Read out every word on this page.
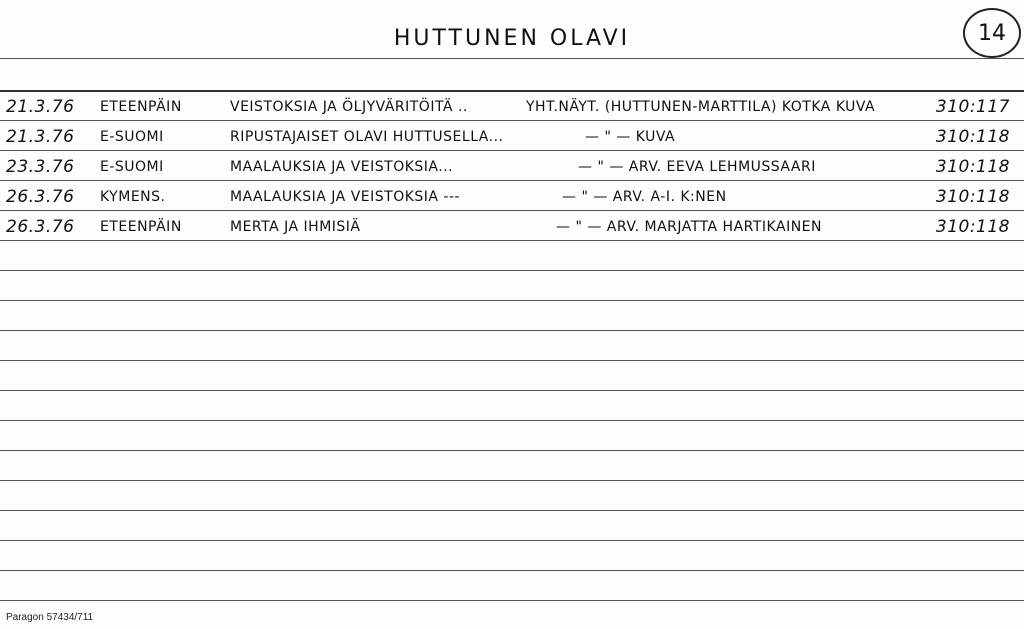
HUTTUNEN OLAVI	14
21.3.76 ETEENPÄIN	VEISTOKSIA JA ÖLJYVÄRITÖITÄ ..	YHT.NÄYT. (HUTTUNEN-MARTTILA) KOTKA KUVA	310:117
21.3.76 E-SUOMI	RIPUSTAJAISET OLAVI HUTTUSELLA...	— " — KUVA	310:118
23.3.76 E-SUOMI	MAALAUKSIA JA VEISTOKSIA...	— " — ARV. EEVA LEHMUSSAARI	310:118
26.3.76 KYMENS.	MAALAUKSIA JA VEISTOKSIA ---	— " — ARV. A-I. K:NEN	310:118
26.3.76 ETEENPÄIN	MERTA JA IHMISIÄ	— " — ARV. MARJATTA HARTIKAINEN	310:118
Paragon 57434/711
